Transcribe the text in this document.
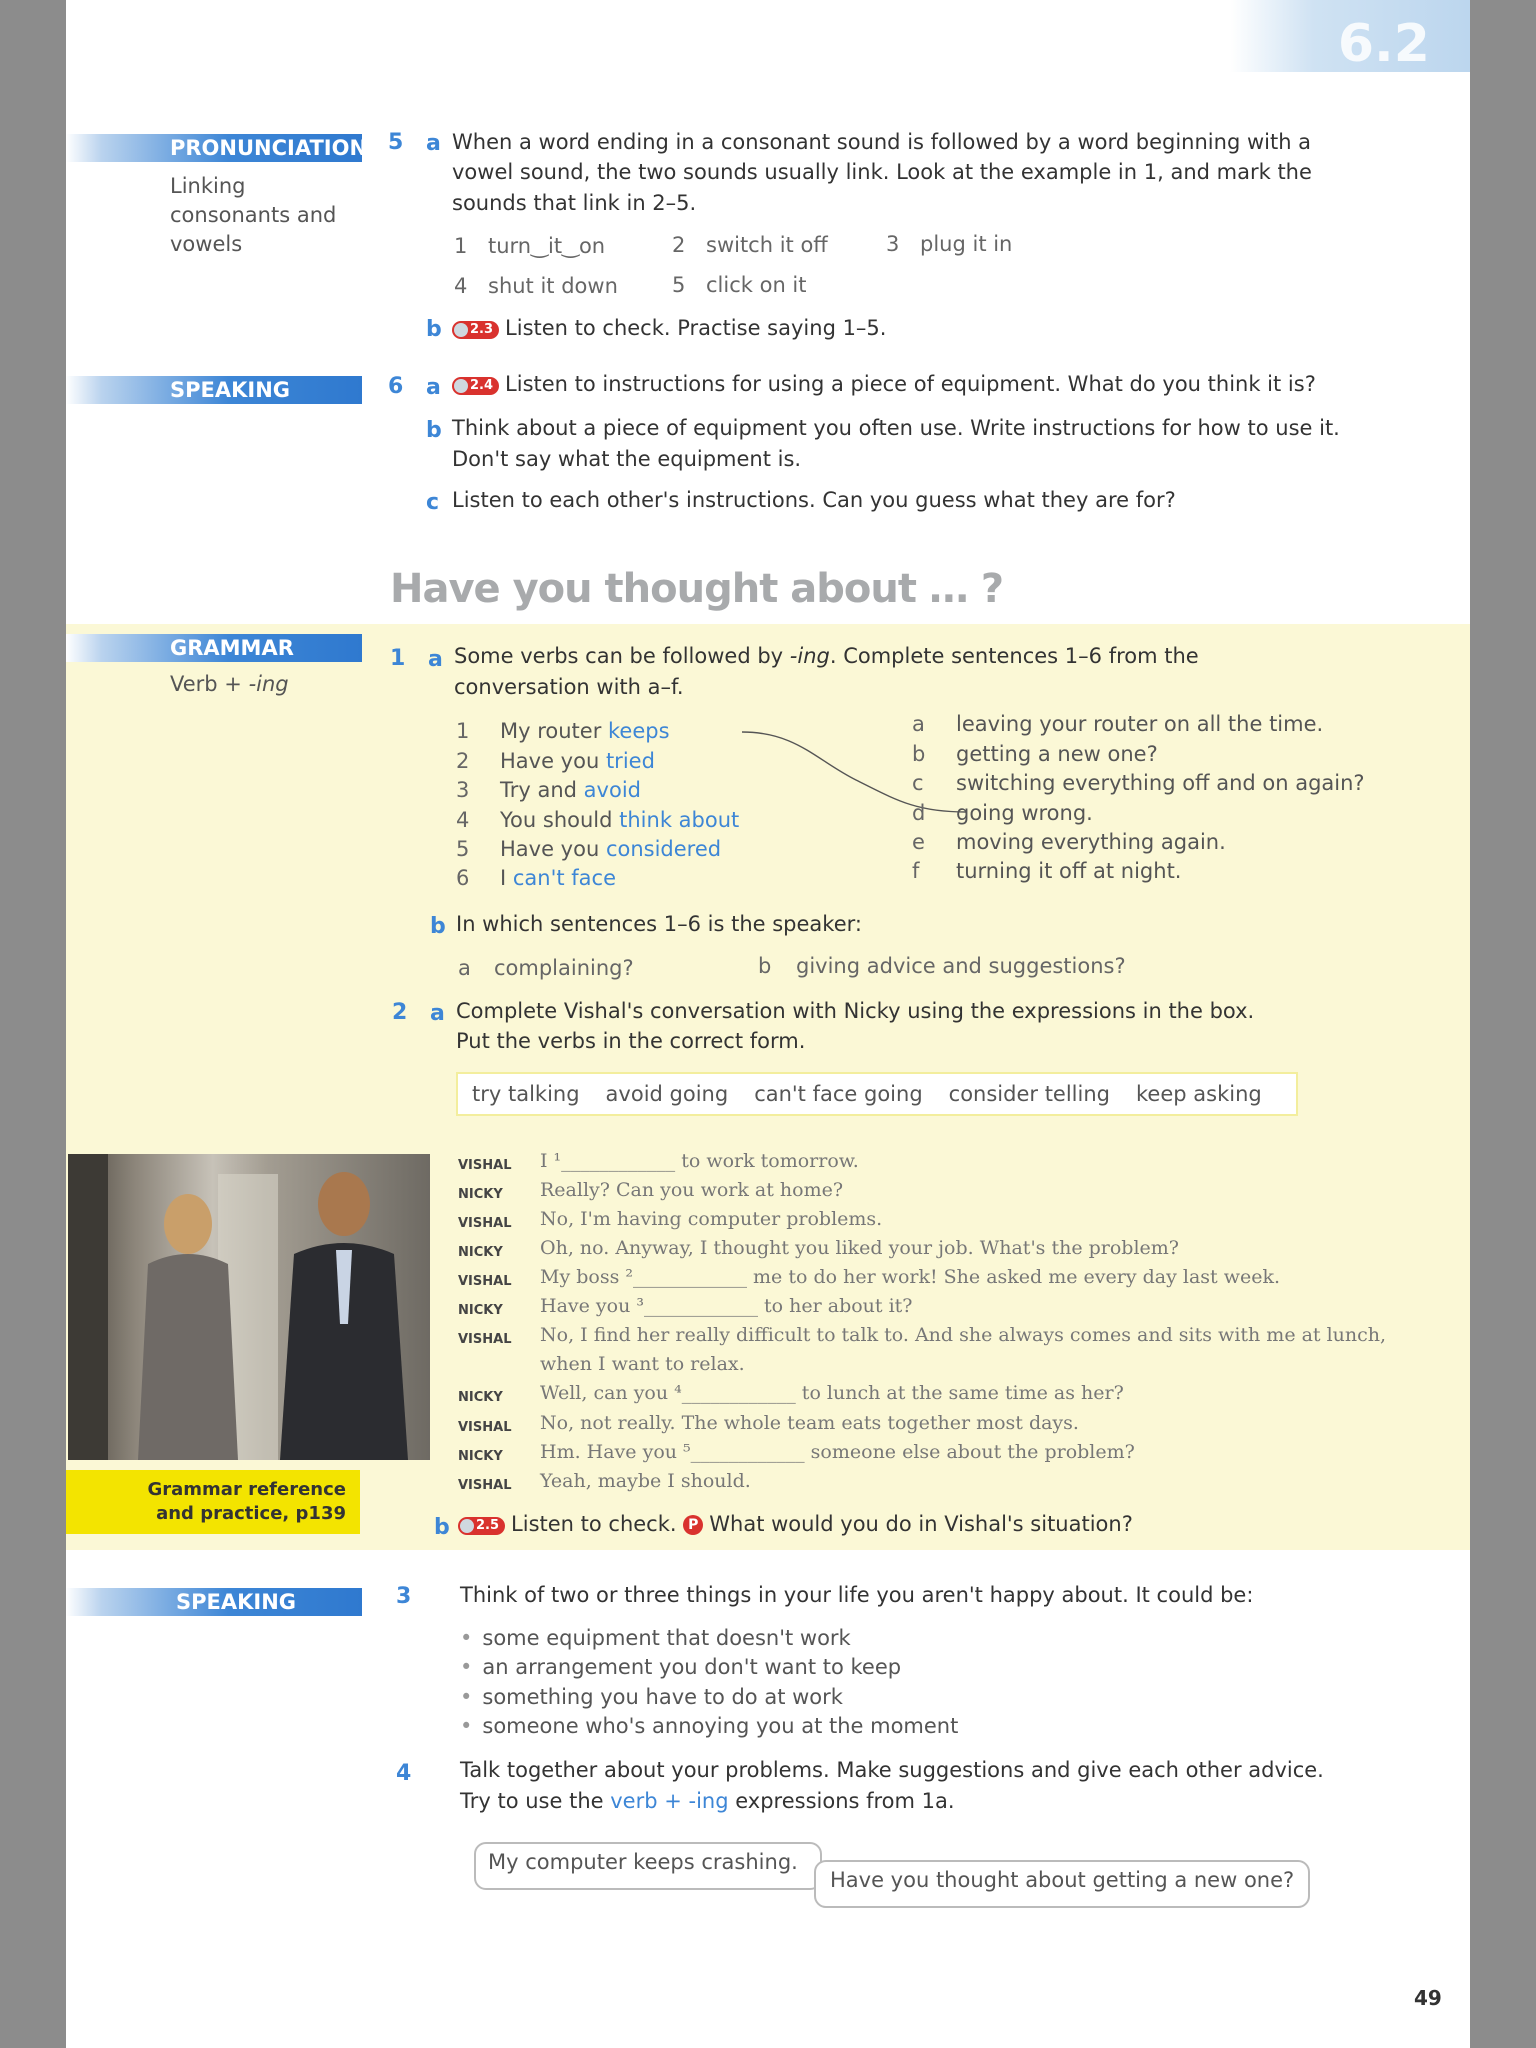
6.2
PRONUNCIATION
Linking
consonants and
vowels
5 a When a word ending in a consonant sound is followed by a word beginning with a
vowel sound, the two sounds usually link. Look at the example in 1, and mark the
sounds that link in 2–5.
1 turn‿it‿on	2 switch it off	3 plug it in
4 shut it down	5 click on it
b	2.3 Listen to check. Practise saying 1–5.
SPEAKING	6 a	2.4 Listen to instructions for using a piece of equipment. What do you think it is?
b Think about a piece of equipment you often use. Write instructions for how to use it.
Don't say what the equipment is.
c Listen to each other's instructions. Can you guess what they are for?
Have you thought about … ?
GRAMMAR
Verb + -ing
1 a Some verbs can be followed by -ing. Complete sentences 1–6 from the
conversation with a–f.
1 My router keeps
2 Have you tried
3 Try and avoid
4 You should think about
5 Have you considered
6 I can't face
a leaving your router on all the time.
b getting a new one?
c switching everything off and on again?
d going wrong.
e moving everything again.
f turning it off at night.
b In which sentences 1–6 is the speaker:
a complaining?	b giving advice and suggestions?
2 a Complete Vishal's conversation with Nicky using the expressions in the box.
Put the verbs in the correct form.
try talking avoid going can't face going consider telling keep asking
VISHAL I ¹____________ to work tomorrow.
NICKY Really? Can you work at home?
VISHAL No, I'm having computer problems.
NICKY Oh, no. Anyway, I thought you liked your job. What's the problem?
VISHAL My boss ²____________ me to do her work! She asked me every day last week.
NICKY Have you ³____________ to her about it?
VISHAL No, I find her really difficult to talk to. And she always comes and sits with me at lunch,
when I want to relax.
NICKY Well, can you ⁴____________ to lunch at the same time as her?
VISHAL No, not really. The whole team eats together most days.
NICKY Hm. Have you ⁵____________ someone else about the problem?
VISHAL Yeah, maybe I should.
Grammar reference
and practice, p139
b	2.5 Listen to check. P What would you do in Vishal's situation?
SPEAKING	3 Think of two or three things in your life you aren't happy about. It could be:
• some equipment that doesn't work
• an arrangement you don't want to keep
• something you have to do at work
• someone who's annoying you at the moment
4 Talk together about your problems. Make suggestions and give each other advice.
Try to use the verb + -ing expressions from 1a.
My computer keeps crashing.
Have you thought about getting a new one?
49
